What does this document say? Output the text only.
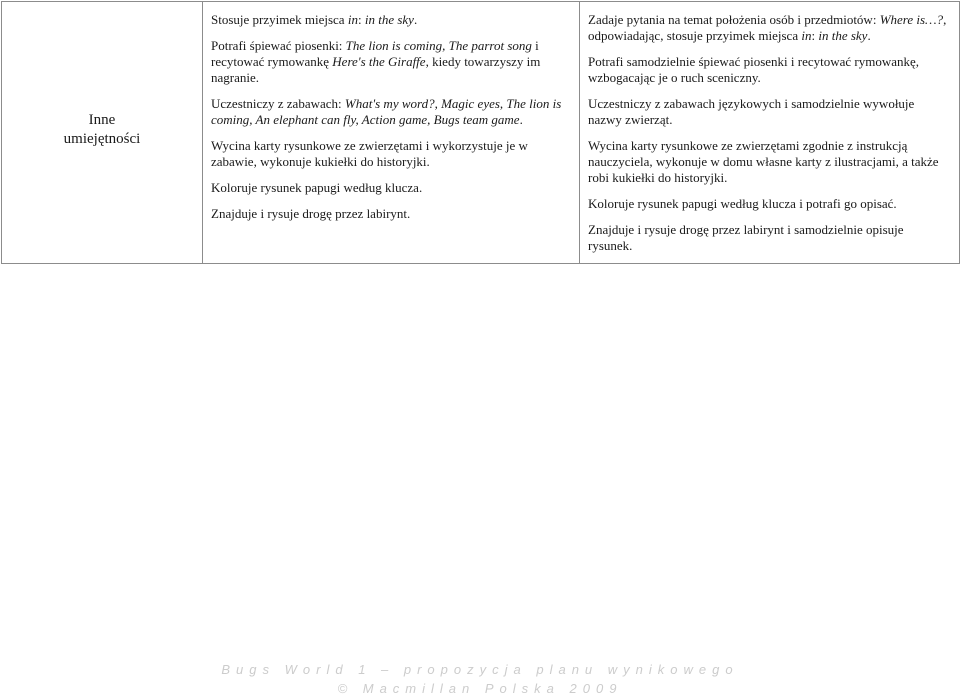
Inne
umiejętności

Stosuje przyimek miejsca in: in the sky.
Potrafi śpiewać piosenki: The lion is coming, The parrot song i recytować rymowankę Here's the Giraffe, kiedy towarzyszy im nagranie.
Uczestniczy z zabawach: What's my word?, Magic eyes, The lion is coming, An elephant can fly, Action game, Bugs team game.
Wycina karty rysunkowe ze zwierzętami i wykorzystuje je w zabawie, wykonuje kukiełki do historyjki.
Koloruje rysunek papugi według klucza.
Znajduje i rysuje drogę przez labirynt.

Zadaje pytania na temat położenia osób i przedmiotów: Where is…?, odpowiadając, stosuje przyimek miejsca in: in the sky.
Potrafi samodzielnie śpiewać piosenki i recytować rymowankę, wzbogacając je o ruch sceniczny.
Uczestniczy z zabawach językowych i samodzielnie wywołuje nazwy zwierząt.
Wycina karty rysunkowe ze zwierzętami zgodnie z instrukcją nauczyciela, wykonuje w domu własne karty z ilustracjami, a także robi kukiełki do historyjki.
Koloruje rysunek papugi według klucza i potrafi go opisać.
Znajduje i rysuje drogę przez labirynt i samodzielnie opisuje rysunek.
Bugs World 1 – propozycja planu wynikowego
© Macmillan Polska 2009
